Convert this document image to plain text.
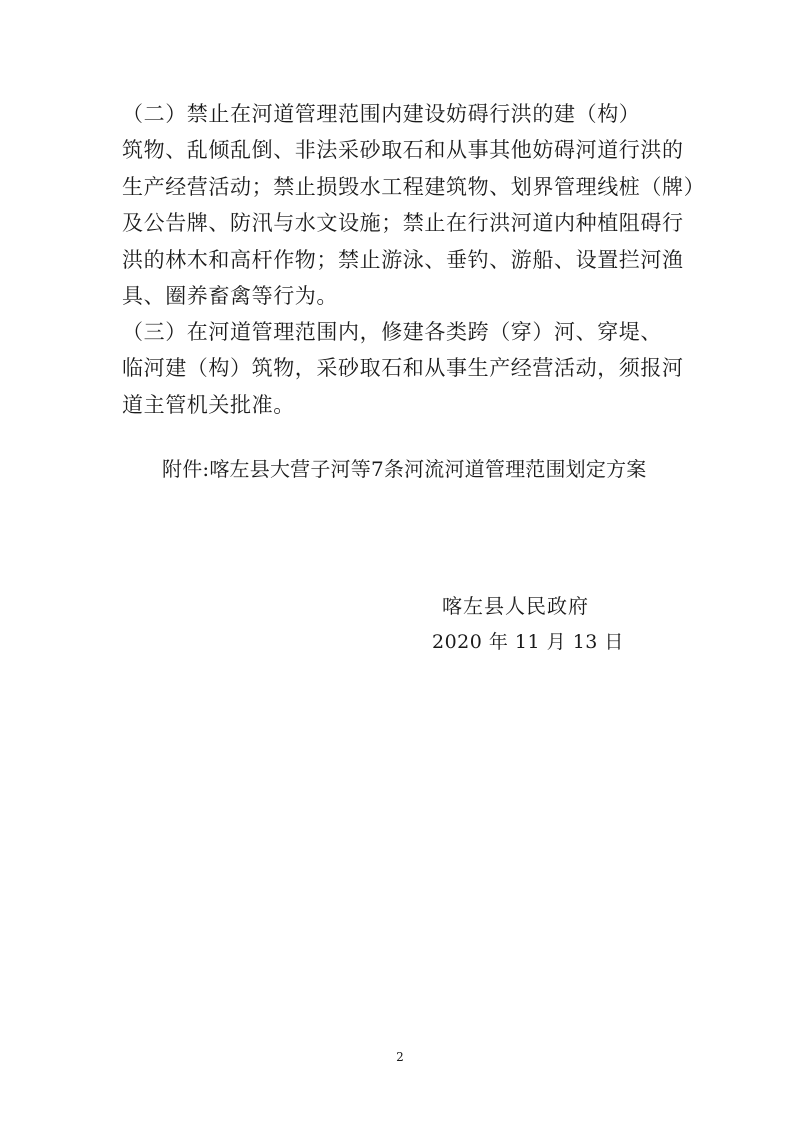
（二）禁止在河道管理范围内建设妨碍行洪的建（构）
筑物、乱倾乱倒、非法采砂取石和从事其他妨碍河道行洪的
生产经营活动；禁止损毁水工程建筑物、划界管理线桩（牌）
及公告牌、防汛与水文设施；禁止在行洪河道内种植阻碍行
洪的林木和高杆作物；禁止游泳、垂钓、游船、设置拦河渔
具、圈养畜禽等行为。
（三）在河道管理范围内，修建各类跨（穿）河、穿堤、
临河建（构）筑物，采砂取石和从事生产经营活动，须报河
道主管机关批准。
附件:喀左县大营子河等7条河流河道管理范围划定方案
喀左县人民政府
2020 年 11 月 13 日
2
